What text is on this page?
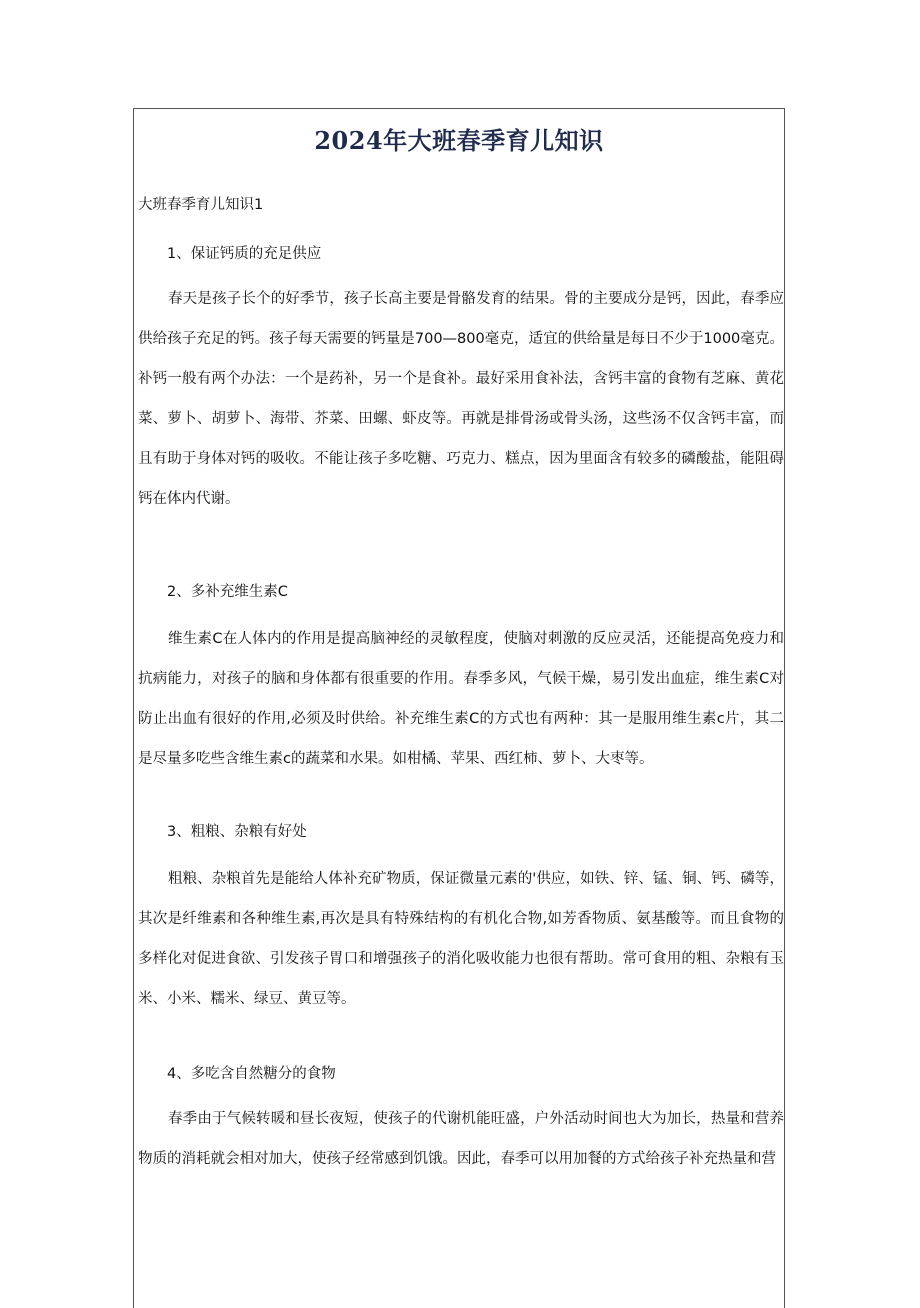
2024年大班春季育儿知识
大班春季育儿知识1
1、保证钙质的充足供应

春天是孩子长个的好季节，孩子长高主要是骨骼发育的结果。骨的主要成分是钙，因此，春季应供给孩子充足的钙。孩子每天需要的钙量是700—800毫克，适宜的供给量是每日不少于1000毫克。补钙一般有两个办法：一个是药补，另一个是食补。最好采用食补法，含钙丰富的食物有芝麻、黄花菜、萝卜、胡萝卜、海带、芥菜、田螺、虾皮等。再就是排骨汤或骨头汤，这些汤不仅含钙丰富，而且有助于身体对钙的吸收。不能让孩子多吃糖、巧克力、糕点，因为里面含有较多的磷酸盐，能阻碍钙在体内代谢。

2、多补充维生素C

维生素C在人体内的作用是提高脑神经的灵敏程度，使脑对刺激的反应灵活，还能提高免疫力和抗病能力，对孩子的脑和身体都有很重要的作用。春季多风，气候干燥，易引发出血症，维生素C对防止出血有很好的作用,必须及时供给。补充维生素C的方式也有两种：其一是服用维生素c片，其二是尽量多吃些含维生素c的蔬菜和水果。如柑橘、苹果、西红柿、萝卜、大枣等。

3、粗粮、杂粮有好处

粗粮、杂粮首先是能给人体补充矿物质，保证微量元素的'供应，如铁、锌、锰、铜、钙、磷等，其次是纤维素和各种维生素,再次是具有特殊结构的有机化合物,如芳香物质、氨基酸等。而且食物的多样化对促进食欲、引发孩子胃口和增强孩子的消化吸收能力也很有帮助。常可食用的粗、杂粮有玉米、小米、糯米、绿豆、黄豆等。

4、多吃含自然糖分的食物

春季由于气候转暖和昼长夜短，使孩子的代谢机能旺盛，户外活动时间也大为加长，热量和营养物质的消耗就会相对加大，使孩子经常感到饥饿。因此，春季可以用加餐的方式给孩子补充热量和营
